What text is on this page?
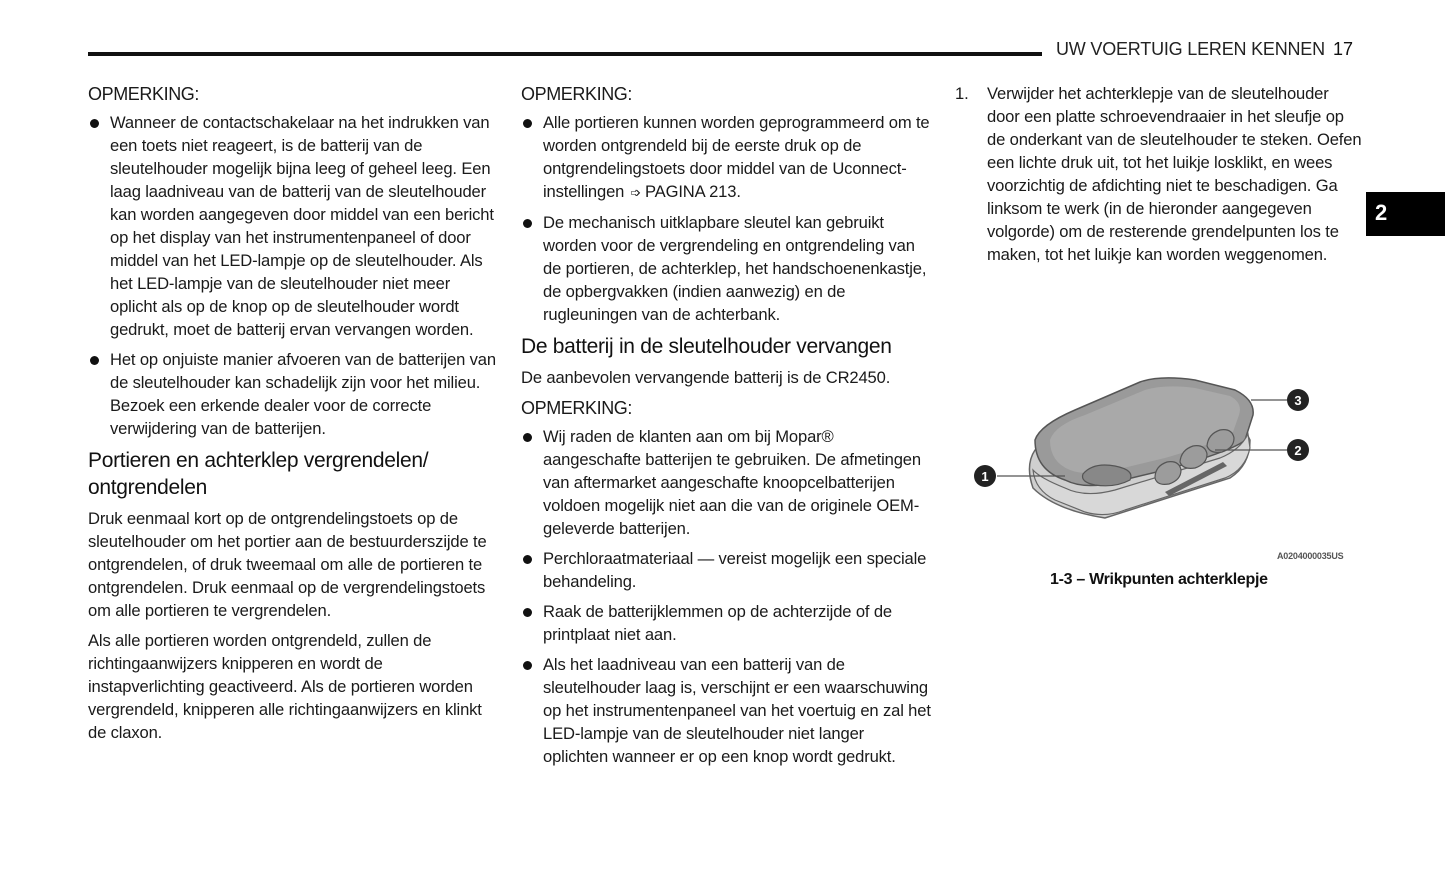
UW VOERTUIG LEREN KENNEN 17
2
OPMERKING:
Wanneer de contactschakelaar na het indrukken van een toets niet reageert, is de batterij van de sleutelhouder mogelijk bijna leeg of geheel leeg. Een laag laadniveau van de batterij van de sleutelhouder kan worden aangegeven door middel van een bericht op het display van het instrumentenpaneel of door middel van het LED-lampje op de sleutelhouder. Als het LED-lampje van de sleutelhouder niet meer oplicht als op de knop op de sleutelhouder wordt gedrukt, moet de batterij ervan vervangen worden.
Het op onjuiste manier afvoeren van de batterijen van de sleutelhouder kan schadelijk zijn voor het milieu. Bezoek een erkende dealer voor de correcte verwijdering van de batterijen.
Portieren en achterklep vergrendelen/ ontgrendelen

Druk eenmaal kort op de ontgrendelingstoets op de sleutelhouder om het portier aan de bestuurderszijde te ontgrendelen, of druk tweemaal om alle de portieren te ontgrendelen. Druk eenmaal op de vergrendelingstoets om alle portieren te vergrendelen.

Als alle portieren worden ontgrendeld, zullen de richtingaanwijzers knipperen en wordt de instapverlichting geactiveerd. Als de portieren worden vergrendeld, knipperen alle richtingaanwijzers en klinkt de claxon.

OPMERKING:
Alle portieren kunnen worden geprogrammeerd om te worden ontgrendeld bij de eerste druk op de ontgrendelingstoets door middel van de Uconnect-instellingen ➩ PAGINA 213.
De mechanisch uitklapbare sleutel kan gebruikt worden voor de vergrendeling en ontgrendeling van de portieren, de achterklep, het handschoenenkastje, de opbergvakken (indien aanwezig) en de rugleuningen van de achterbank.
De batterij in de sleutelhouder vervangen

De aanbevolen vervangende batterij is de CR2450.

OPMERKING:
Wij raden de klanten aan om bij Mopar® aangeschafte batterijen te gebruiken. De afmetingen van aftermarket aangeschafte knoopcelbatterijen voldoen mogelijk niet aan die van de originele OEM-geleverde batterijen.
Perchloraatmateriaal — vereist mogelijk een speciale behandeling.
Raak de batterijklemmen op de achterzijde of de printplaat niet aan.
Als het laadniveau van een batterij van de sleutelhouder laag is, verschijnt er een waarschuwing op het instrumentenpaneel van het voertuig en zal het LED-lampje van de sleutelhouder niet langer oplichten wanneer er op een knop wordt gedrukt.
1. Verwijder het achterklepje van de sleutelhouder door een platte schroevendraaier in het sleufje op de onderkant van de sleutelhouder te steken. Oefen een lichte druk uit, tot het luikje losklikt, en wees voorzichtig de afdichting niet te beschadigen. Ga linksom te werk (in de hieronder aangegeven volgorde) om de resterende grendelpunten los te maken, tot het luikje kan worden weggenomen.
1
2
3
A0204000035US
1-3 – Wrikpunten achterklepje
